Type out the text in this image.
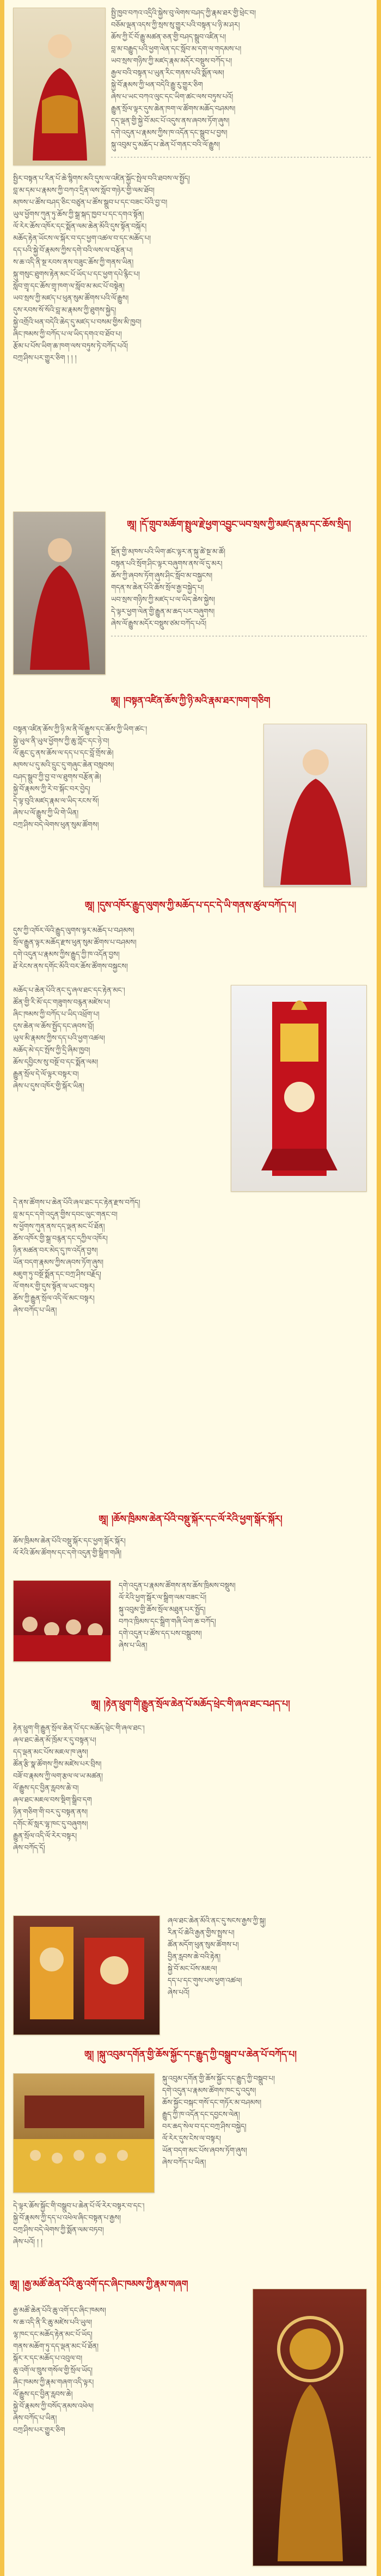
སྤྱི་ཁྱབ་བཀའ་འདྲིའི་སྐྱེས་བུ་ལེགས་བཤད་ཀྱི་རྣམ་ཐར་གྱི་ཕྲེང་བ།
བཅོམ་ལྡན་འདས་ཀྱི་སྲས་སུ་གྱུར་པའི་བསྟན་པ་ཉི་མ་ཤར།
ཆོས་ཀྱི་ངོ་བོ་རྒྱུ་མཚན་ཅན་གྱི་བཤད་སྒྲུབ་འཛིན་པ།
བླ་མ་བརྒྱུད་པའི་ཕྱག་ལེན་དང་སློབ་མ་དག་ལ་གདམས་པ།
ཡབ་སྲས་གཉིས་ཀྱི་མཛད་རྣམ་མདོར་བསྡུས་བཀོད་པ།
རྒྱལ་བའི་བསྟན་པ་ཡུན་རིང་གནས་པའི་སྨོན་ལམ།
སྐྱེ་བོ་རྣམས་ཀྱི་ཕན་བདེའི་རྒྱུ་རུ་གྱུར་ཅིག
ཞེས་པ་ཡང་བཀའ་ལུང་དང་ཡིག་ཚང་ལས་བཏུས་པའོ།
རྒྱུན་སྲོལ་ལྟར་དུས་ཆེན་ཁག་ལ་ཚོགས་མཆོད་བཤམས།
དད་ལྡན་གྱི་སྐྱེ་བོ་མང་པོ་འདུས་ནས་ཞབས་ཏོག་ཞུས།
དགེ་འདུན་པ་རྣམས་ཀྱིས་ཁ་འདོན་དང་སྒྲུབ་པ་བྱས།
སྐུ་འབུམ་དུ་མཆོད་པ་ཆེན་པོ་གནང་བའི་ལོ་རྒྱུས།
སྤྱིར་བསྟན་པ་རིན་པོ་ཆེ་སྙིགས་མའི་དུས་ལ་འཛིན་སྐྱོང་སྤེལ་བའི་ཐབས་ལ་སྤྱོད།
བླ་མ་དམ་པ་རྣམས་ཀྱི་བཀའ་དྲིན་ལས་སློབ་གཉེར་གྱི་ལམ་ཐོབ།
མཁས་པ་ཚོས་བཤད་ཅིང་བཙུན་པ་ཚོས་སྒྲུབ་པ་དང་བཟང་པོའི་བྱ་བ།
ཡུལ་ཕྱོགས་ཀུན་ཏུ་ཆོས་ཀྱི་སྒྲ་སྐད་ཁྱབ་པ་དང་དགའ་སྟོན།
ལོ་རེར་ཆོས་འཁོར་དང་སྨོན་ལམ་ཆེན་མོའི་དུས་སྟོན་བསྐོར།
མཆོད་རྟེན་ཡོངས་ལ་སྐོར་བ་དང་ཕྱག་འཚལ་བ་དང་མཆོད་པ།
དད་པའི་སྐྱེ་བོ་རྣམས་ཀྱིས་དགེ་བའི་ལས་ལ་བརྩོན་པ།
ས་ཆ་འདི་ནི་སྔ་རབས་ནས་བཟུང་ཆོས་ཀྱི་གནས་ཡིན།
སྐུ་གསུང་ཐུགས་རྟེན་མང་པོ་ཡོད་པ་དང་ཕྱག་དཔེ་རྙིང་པ།
སློབ་གྲྭ་དང་ཆོས་གྲྭ་ཁག་ལ་སློབ་མ་མང་པོ་བསྟེན།
ཡབ་སྲས་ཀྱི་མཛད་པ་ཕུན་སུམ་ཚོགས་པའི་ལོ་རྒྱུས།
དུས་རབས་སོ་སོའི་བླ་མ་རྣམས་ཀྱི་ཐུགས་སྐྱེད།
སྐྱེ་འགྲོའི་ཕན་བདེའི་ཆེད་དུ་མཛད་པ་བསམ་གྱིས་མི་ཁྱབ།
ཞིང་ཁམས་ཀྱི་བཀོད་པ་ལ་ཡིད་དགའ་བ་ཐོབ་པ།
རྩོམ་པ་པོས་ཡིག་ཆ་ཁག་ལས་བཏུས་ཏེ་བཀོད་པའོ།
བཀྲ་ཤིས་པར་གྱུར་ཅིག ། ། །
ཨཱ། །དོ་གྲུབ་མཆོག་སྤྲུལ་རྗེ་ཕྱག་འབྱུང་ཡབ་སྲས་ཀྱི་མཛད་རྣམ་དང་ཆོས་སྲིད།
སྔོན་གྱི་མཁས་པའི་ཡིག་ཚང་ལྟར་ན་སྐུ་ཚེ་སྔ་མ་ཚོ།
བསྟན་པའི་སྲོག་ཤིང་ལྟར་བཞུགས་ནས་ལོ་དུ་མར།
ཆོས་ཀྱི་ཞབས་ཏོག་ཞུས་ཤིང་སློབ་མ་བསྐྱངས།
གདན་ས་ཆེན་པོའི་ཆོས་སྲོལ་རྒྱ་བསྐྱེད་པ།
ཡབ་སྲས་གཉིས་ཀྱི་མཛད་པ་ལ་ཡིད་ཆེས་སྐྱེས།
དེ་ལྟར་ཕྱག་ལེན་གྱི་རྒྱུན་མ་ཆད་པར་བཞུགས།
ཞེས་ལོ་རྒྱུས་མདོར་བསྡུས་ཙམ་བཀོད་པའོ།
ཨཱ། །བསྟན་འཛིན་ཆོས་ཀྱི་ཉི་མའི་རྣམ་ཐར་ཁག་གཅིག
བསྟན་འཛིན་ཆོས་ཀྱི་ཉི་མ་ནི་ལོ་རྒྱུས་དང་ཆོས་ཀྱི་ཡིག་ཚང་།
སྐྱེ་ཡུལ་ནི་ཡུལ་ཕྱོགས་ཀྱི་ཆུ་ཀློང་དང་ཉེ་བ།
ལོ་ཆུང་ངུ་ནས་ཆོས་ལ་དད་པ་དང་བློ་གྲོས་ཆེ།
མཁས་པ་དུ་མའི་དྲུང་དུ་གཞུང་ཆེན་བསླབས།
བཤད་སྒྲུབ་ཀྱི་བྱ་བ་ལ་ཐུགས་བརྩོན་ཆེ།
སྐྱེ་བོ་རྣམས་ཀྱི་རེ་བ་སྐོང་བར་བྱེད།
དེ་ལྟ་བུའི་མཛད་རྣམ་ལ་ཡིད་རངས་སོ།
ཞེས་པ་ལོ་རྒྱུས་ཀྱི་ཡི་གེ་ཡིན།
བཀྲ་ཤིས་བདེ་ལེགས་ཕུན་སུམ་ཚོགས།
ཨཱ། །དུས་འཁོར་རྒྱུད་ལུགས་ཀྱི་མཆོད་པ་དང་དེ་ཡི་གནས་ཚུལ་བཀོད་པ།
དུས་ཀྱི་འཁོར་ལོའི་རྒྱུད་ལུགས་ལྟར་མཆོད་པ་བཤམས།
སྲོལ་རྒྱུན་ལྟར་མཆོད་རྫས་ཕུན་སུམ་ཚོགས་པ་བཤམས།
དགེ་འདུན་པ་རྣམས་ཀྱིས་རྒྱུད་ཀྱི་ཁ་འདོན་བྱས།
ཐོ་རེངས་ནས་དགོང་མོའི་བར་ཆོས་ཚོགས་བསྐྱངས།
མཆོད་པ་ཆེན་པོའི་ནང་དུ་ཞལ་ཐང་དང་རྟེན་མང་།
ཚོན་གྱི་རི་མོ་དང་གཟུགས་བརྙན་མཛེས་པ།
ཞིང་ཁམས་ཀྱི་བཀོད་པ་ཡིད་འཕྲོག་པ།
དུས་ཆེན་ལ་ཆོས་སྤྱོད་དང་ཞབས་བྲོ།
ཡུལ་མི་རྣམས་ཀྱིས་དད་པའི་ཕྱག་འཚལ།
མཆོད་མེ་དང་སྤོས་ཀྱི་དྲི་ཞིམ་ཁྱབ།
ཆོས་དབྱིངས་སུ་བསྔོ་བ་དང་སྨོན་ལམ།
རྒྱུན་སྲོལ་དེ་ལོ་ལྟར་བསྟར་བ།
ཞེས་པ་དུས་འཁོར་གྱི་སྐོར་ཡིན།
དེ་ནས་ཚོགས་པ་ཆེན་པོའི་ཞལ་ཐང་དང་རྟེན་རྫས་བཀོད།
བླ་མ་དང་དགེ་འདུན་གྱིས་དབང་ལུང་གནང་བ།
ས་ཕྱོགས་ཀུན་ནས་དད་ལྡན་མང་པོ་ཐོན།
ཆོས་འཁོར་གྱི་སྒྲ་བརྙན་དང་དཀྱིལ་འཁོར།
ཉིན་མཚན་བར་མེད་དུ་ཁ་འདོན་བྱས།
ཡོན་བདག་རྣམས་ཀྱིས་ཞབས་ཏོག་ཞུས།
མཇུག་ཏུ་བསྔོ་སྨོན་དང་བཀྲ་ཤིས་བརྗོད།
ལོ་གསར་གྱི་དུས་སྟོན་ལ་ཡང་བསྟར།
ཆོས་ཀྱི་རྒྱུན་སྲོལ་འདི་ལོ་མང་བསྟར།
ཞེས་བཀོད་པ་ཡིན།
ཨཱ། །ཆོས་ཁྲིམས་ཆེན་པོའི་བསྡུ་སྐོར་དང་ལོ་རེའི་ཕྱག་སྒོར་སྐོར།
ཆོས་ཁྲིམས་ཆེན་པོའི་བསྡུ་སྐོར་དང་ཕྱག་སྒོར་སྐོར།
ལོ་རེའི་ཆོས་ཚོགས་དང་དགེ་འདུན་གྱི་སྒྲིག་གཞི།
དགེ་འདུན་པ་རྣམས་ཚོགས་ནས་ཆོས་ཁྲིམས་བསྡུས།
ལོ་རེའི་ཕྱག་སྒོར་ལ་སྒྲིག་ལམ་བཟང་པོ།
སྐུ་འབུམ་གྱི་ཆོས་སྲོལ་མཐུན་པར་སྤྱོད།
བཀའ་ཁྲིམས་དང་སྒྲིག་གཞི་ཡིག་ཆ་བཀོད།
དགེ་འདུན་པ་ཚོས་དད་པས་བསྒྲུབས།
ཞེས་པ་ཡིན།
ཨཱ། །རྟེན་ཕྲུག་གི་རྒྱུན་སྲོལ་ཆེན་པོ་མཆོད་ཕྲེང་གི་ཞལ་ཐང་བཤད་པ།
རྟེན་ཕྲུག་གི་རྒྱུན་སྲོལ་ཆེན་པོ་དང་མཆོད་ཕྲེང་གི་ཞལ་ཐང་།
ཞལ་ཐང་ཆེན་མོ་ཁྲོམ་ར་དུ་བསྟན་པ།
དད་ལྡན་མང་པོས་མཇལ་ཁ་ཞུས།
ཚོན་རྩི་སྣ་ཚོགས་ཀྱིས་མཛེས་པར་བྲིས།
བཟོ་བ་རྣམས་ཀྱི་ལག་རྩལ་ལ་ཡ་མཚན།
ལོ་རྒྱུས་དང་བྱིན་རླབས་ཆེ་བ།
ཞལ་ཐང་མཇལ་བས་སྡིག་སྒྲིབ་དག
ཉིན་གཅིག་གི་བར་དུ་བསྟན་ནས།
དགོང་མོ་སླར་ལྷ་ཁང་དུ་བཞུགས།
རྒྱུན་སྲོལ་འདི་ལོ་རེར་བསྟར།
ཞེས་བཀོད་དོ།
ཞལ་ཐང་ཆེན་མོའི་ནང་དུ་སངས་རྒྱས་ཀྱི་སྐུ།
རིན་པོ་ཆེའི་རྒྱན་གྱིས་སྤྲས་པ།
ཚོན་མདོག་ཕུན་སུམ་ཚོགས་པ།
བྱིན་རླབས་ཆེ་བའི་རྟེན།
སྐྱེ་བོ་མང་པོས་མཇལ།
དད་པ་དང་གུས་པས་ཕྱག་འཚལ།
ཞེས་པའོ།
ཨཱ། །སྐུ་འབུམ་དགོན་གྱི་ཆོས་སྐྱོང་དང་རྒྱུད་ཀྱི་བསྒྲུབ་པ་ཆེན་པོ་བཀོད་པ།
སྐུ་འབུམ་དགོན་གྱི་ཆོས་སྐྱོང་དང་རྒྱུད་ཀྱི་བསྒྲུབ་པ།
དགེ་འདུན་པ་རྣམས་ཚོགས་ཁང་དུ་འདུས།
ཆོས་སྐྱོང་བསྐང་གསོ་དང་གཏོར་མ་བཤམས།
རྒྱུད་ཀྱི་ཁ་འདོན་དང་དབྱངས་ལེན།
བར་ཆད་སེལ་བ་དང་བཀྲ་ཤིས་བསྐྱེད།
ལོ་རེར་དུས་ངེས་ལ་བསྟར།
ཡོན་བདག་མང་པོས་ཞབས་ཏོག་ཞུས།
ཞེས་བཀོད་པ་ཡིན།
དེ་ལྟར་ཆོས་སྐྱོང་གི་བསྒྲུབ་པ་ཆེན་པོ་ལོ་རེར་བསྟར་བ་དང་།
སྐྱེ་བོ་རྣམས་ཀྱི་དད་པ་འཕེལ་ཞིང་བསྟན་པ་རྒྱས།
བཀྲ་ཤིས་བདེ་ལེགས་ཀྱི་སྨོན་ལམ་བཏབ།
ཞེས་པའོ། ། །
ཨཱ། །རྒྱ་མཚོ་ཆེན་པོའི་ཆུ་འགོ་དང་ཞིང་ཁམས་ཀྱི་རྣམ་གཞག
རྒྱ་མཚོ་ཆེན་པོའི་ཆུ་འགོ་དང་ཞིང་ཁམས།
ས་ཆ་འདི་ནི་རི་ཆུ་མཛེས་པའི་ཡུལ།
ལྷ་ཁང་དང་མཆོད་རྟེན་མང་པོ་ཡོད།
གནས་མཆོག་ཏུ་དད་ལྡན་མང་པོ་ཐོན།
སྐོར་ར་དང་མཆོད་པ་འབུལ་བ།
ཆུ་འགོ་ལ་ཁྲུས་གསོལ་གྱི་སྲོལ་ཡོད།
ཞིང་ཁམས་ཀྱི་རྣམ་གཞག་འདི་ལྟར།
ལོ་རྒྱུས་དང་བྱིན་རླབས་ཆེ།
སྐྱེ་བོ་རྣམས་ཀྱི་བསོད་ནམས་འཕེལ།
ཞེས་བཀོད་པ་ཡིན།
བཀྲ་ཤིས་པར་གྱུར་ཅིག
